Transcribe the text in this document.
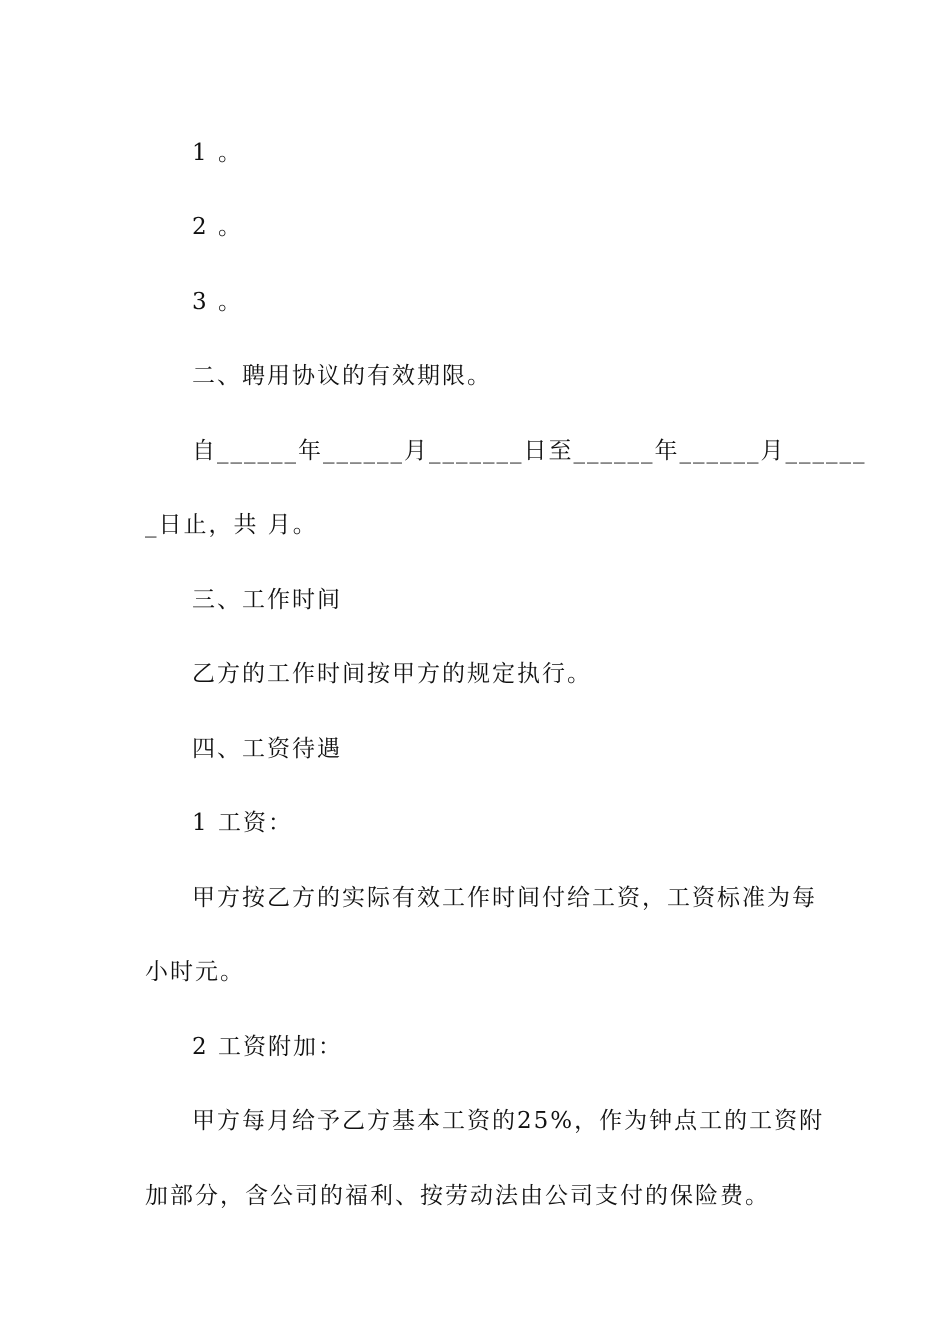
1 。
2 。
3 。
二、聘用协议的有效期限。
自______年______月_______日至______年______月______
_日止，共 月。
三、工作时间
乙方的工作时间按甲方的规定执行。
四、工资待遇
1 工资：
甲方按乙方的实际有效工作时间付给工资，工资标准为每
小时元。
2 工资附加：
甲方每月给予乙方基本工资的25%，作为钟点工的工资附
加部分，含公司的福利、按劳动法由公司支付的保险费。
